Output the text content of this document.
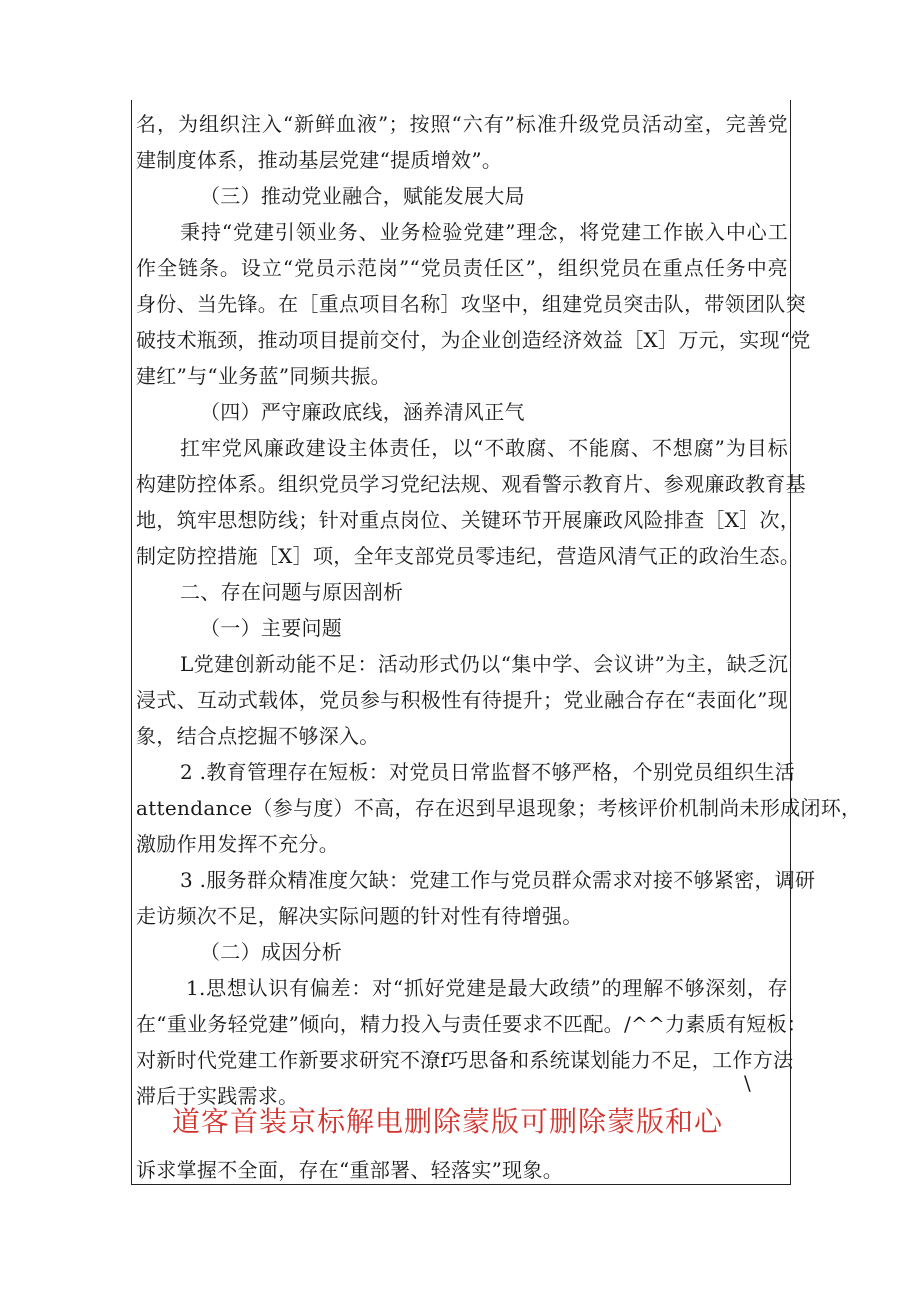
名，为组织注入“新鲜血液”；按照“六有”标准升级党员活动室，完善党
建制度体系，推动基层党建“提质增效”。
（三）推动党业融合，赋能发展大局
秉持“党建引领业务、业务检验党建”理念，将党建工作嵌入中心工
作全链条。设立“党员示范岗”“党员责任区”，组织党员在重点任务中亮
身份、当先锋。在［重点项目名称］攻坚中，组建党员突击队，带领团队突
破技术瓶颈，推动项目提前交付，为企业创造经济效益［X］万元，实现“党
建红”与“业务蓝”同频共振。
（四）严守廉政底线，涵养清风正气
扛牢党风廉政建设主体责任，以“不敢腐、不能腐、不想腐”为目标
构建防控体系。组织党员学习党纪法规、观看警示教育片、参观廉政教育基
地，筑牢思想防线；针对重点岗位、关键环节开展廉政风险排查［X］次，
制定防控措施［X］项，全年支部党员零违纪，营造风清气正的政治生态。
二、存在问题与原因剖析
（一）主要问题
L党建创新动能不足：活动形式仍以“集中学、会议讲”为主，缺乏沉
浸式、互动式载体，党员参与积极性有待提升；党业融合存在“表面化”现
象，结合点挖掘不够深入。
2 .教育管理存在短板：对党员日常监督不够严格，个别党员组织生活
attendance（参与度）不高，存在迟到早退现象；考核评价机制尚未形成闭环，
激励作用发挥不充分。
3 .服务群众精准度欠缺：党建工作与党员群众需求对接不够紧密，调研
走访频次不足，解决实际问题的针对性有待增强。
（二）成因分析
1.思想认识有偏差：对“抓好党建是最大政绩”的理解不够深刻，存
在“重业务轻党建”倾向，精力投入与责任要求不匹配。/^^力素质有短板：
对新时代党建工作新要求研究不潦f巧思备和系统谋划能力不足，工作方法
滞后于实践需求。
\
道客首装京标解电删除蒙版可删除蒙版和心
诉求掌握不全面，存在“重部署、轻落实”现象。
